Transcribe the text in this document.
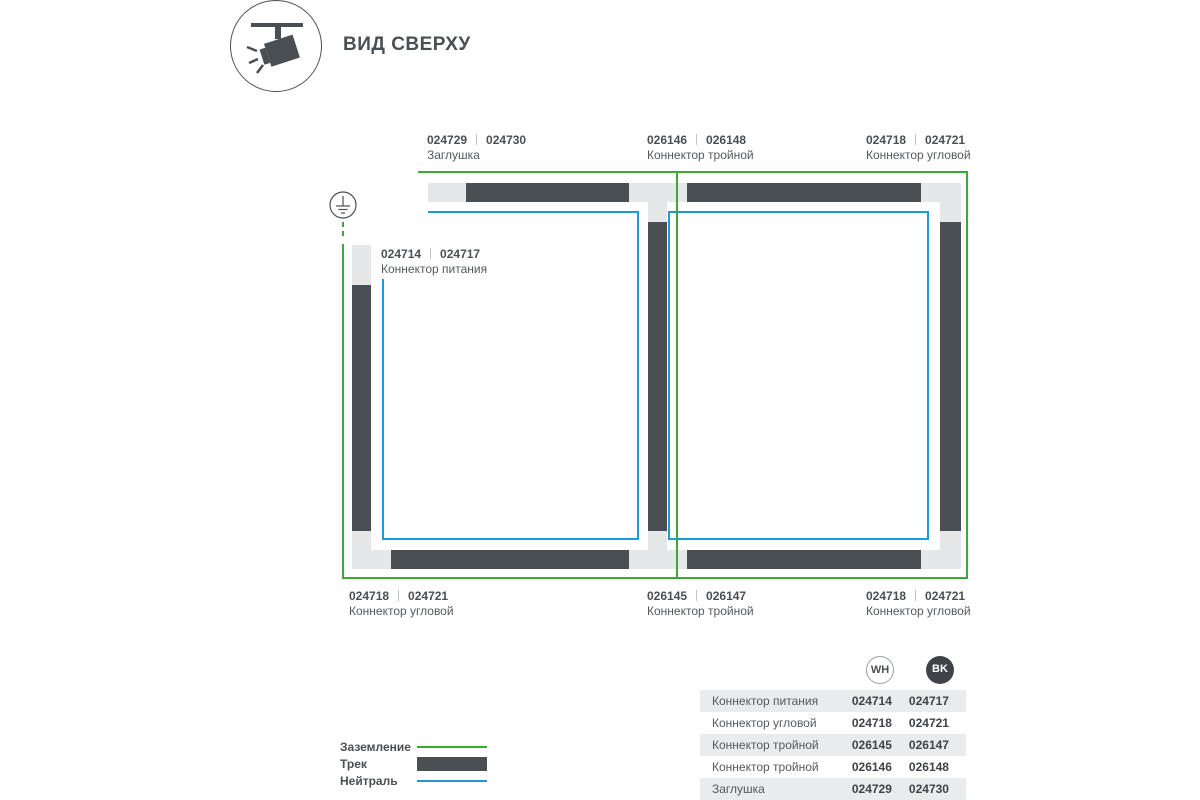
ВИД СВЕРХУ
024729 024730
Заглушка
026146 026148
Коннектор тройной
024718 024721
Коннектор угловой
024714 024717
Коннектор питания
024718 024721
Коннектор угловой
026145 026147
Коннектор тройной
024718 024721
Коннектор угловой
WH	BK
Коннектор питания	024714	024717
Коннектор угловой	024718	024721
Коннектор тройной	026145	026147
Коннектор тройной	026146	026148
Заглушка	024729	024730
Заземление
Трек
Нейтраль
